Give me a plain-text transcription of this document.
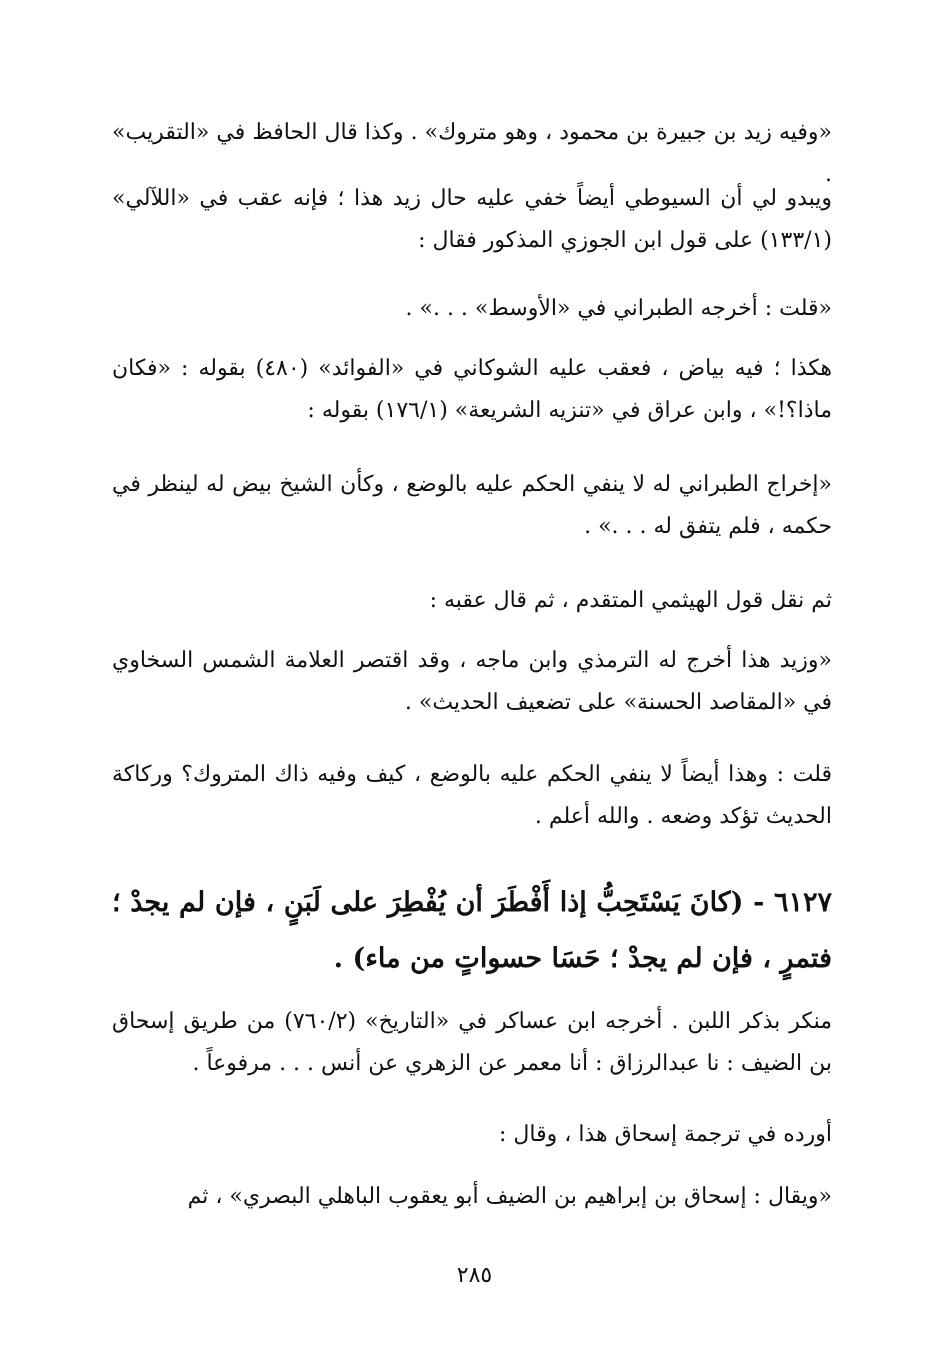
«وفيه زيد بن جبيرة بن محمود ، وهو متروك» . وكذا قال الحافظ في «التقريب» .
ويبدو لي أن السيوطي أيضاً خفي عليه حال زيد هذا ؛ فإنه عقب في «اللآلي» (١٣٣/١) على قول ابن الجوزي المذكور فقال :
«قلت : أخرجه الطبراني في «الأوسط» . . .» .
هكذا ؛ فيه بياض ، فعقب عليه الشوكاني في «الفوائد» (٤٨٠) بقوله : «فكان ماذا؟!» ، وابن عراق في «تنزيه الشريعة» (١٧٦/١) بقوله :
«إخراج الطبراني له لا ينفي الحكم عليه بالوضع ، وكأن الشيخ بيض له لينظر في حكمه ، فلم يتفق له . . .» .
ثم نقل قول الهيثمي المتقدم ، ثم قال عقبه :
«وزيد هذا أخرج له الترمذي وابن ماجه ، وقد اقتصر العلامة الشمس السخاوي في «المقاصد الحسنة» على تضعيف الحديث» .
قلت : وهذا أيضاً لا ينفي الحكم عليه بالوضع ، كيف وفيه ذاك المتروك؟ وركاكة الحديث تؤكد وضعه . والله أعلم .
٦١٢٧ - (كانَ يَسْتَحِبُّ إذا أَفْطَرَ أن يُفْطِرَ على لَبَنٍ ، فإن لم يجدْ ؛ فتمرٍ ، فإن لم يجدْ ؛ حَسَا حسواتٍ من ماء) .
منكر بذكر اللبن . أخرجه ابن عساكر في «التاريخ» (٧٦٠/٢) من طريق إسحاق بن الضيف : نا عبدالرزاق : أنا معمر عن الزهري عن أنس . . . مرفوعاً .
أورده في ترجمة إسحاق هذا ، وقال :
«ويقال : إسحاق بن إبراهيم بن الضيف أبو يعقوب الباهلي البصري» ، ثم
٢٨٥
